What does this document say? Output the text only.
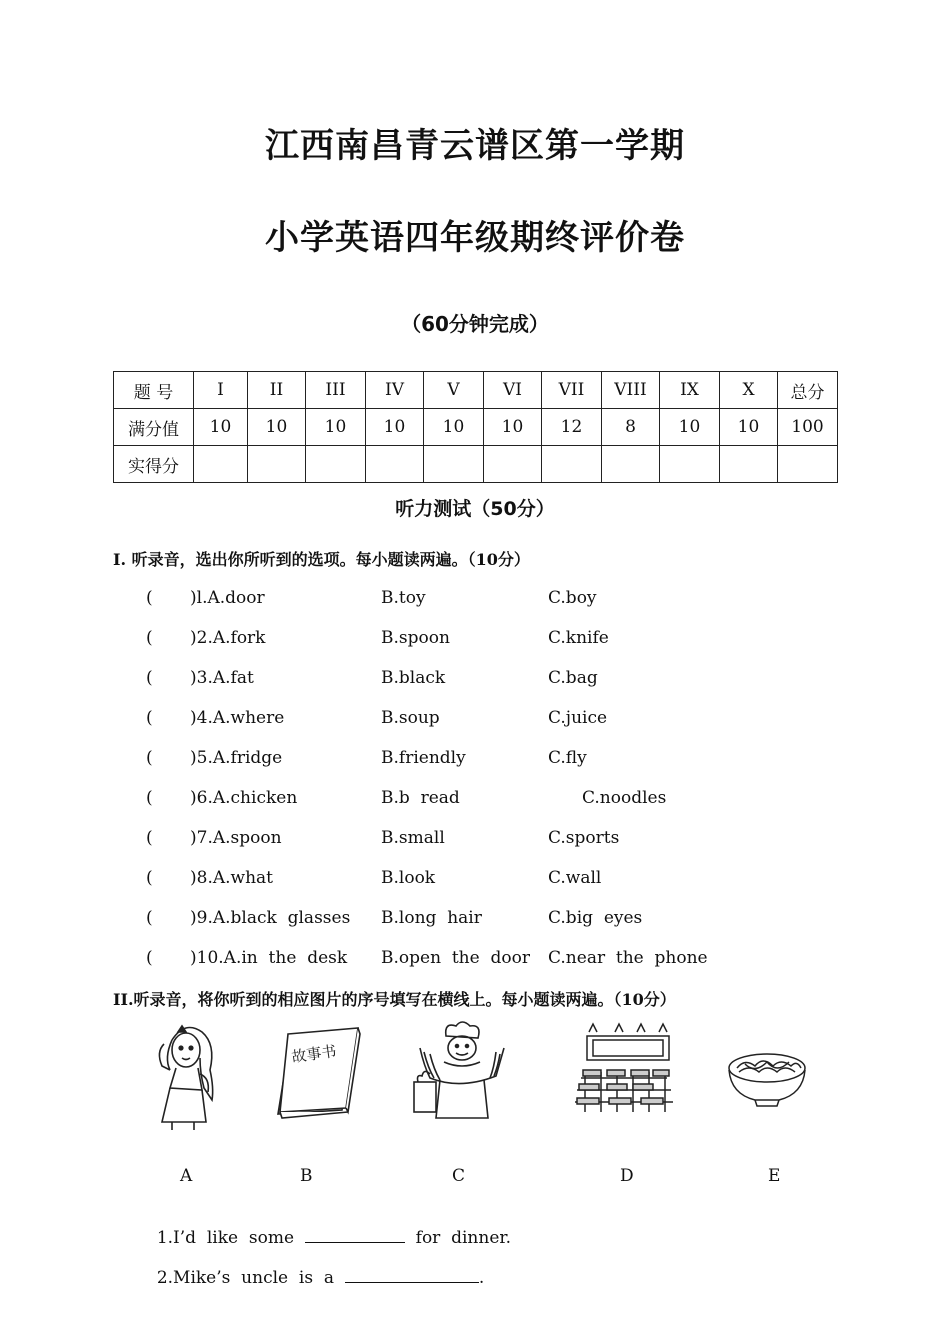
江西南昌青云谱区第一学期
小学英语四年级期终评价卷
（60分钟完成）
题 号	I	II	III	IV	V	VI	VII	VIII	IX	Ⅹ	总分
满分值	10	10	10	10	10	10	12	8	10	10	100
实得分											
听力测试（50分）
I. 听录音，选出你所听到的选项。每小题读两遍。（10分）
( )l.A.door	B.toy	C.boy
( )2.A.fork	B.spoon	C.knife
( )3.A.fat	B.black	C.bag
( )4.A.where	B.soup	C.juice
( )5.A.fridge	B.friendly	C.fly
( )6.A.chicken	B.b  read	C.noodles
( )7.A.spoon	B.small	C.sports
( )8.A.what	B.look	C.wall
( )9.A.black  glasses B.long  hair	C.big  eyes
( )10.A.in  the  desk B.open  the  door C.near  the  phone
II.听录音，将你听到的相应图片的序号填写在横线上。每小题读两遍。（10分）
故事书
A	B	C	D	E

1.I’d  like  some	for  dinner.

2.Mike’s  uncle  is  a	.
